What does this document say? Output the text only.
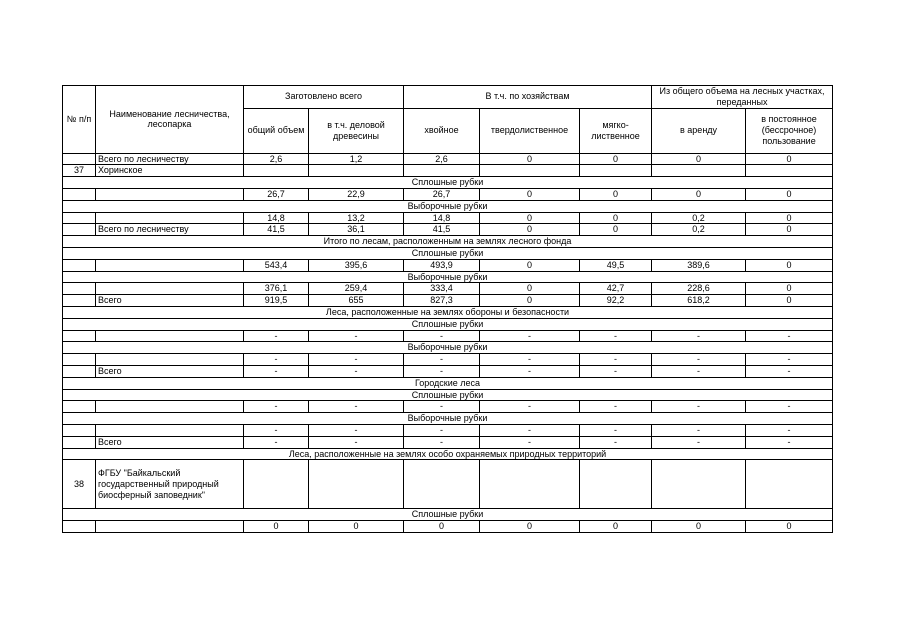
№ п/п	Наименование лесничества, лесопарка	Заготовлено всего		В т.ч. по хозяйствам			Из общего объема на лесных участках, переданных	
		общий объем	в т.ч. деловой древесины	хвойное	твердолиственное	мягко-лиственное	в аренду	в постоянное (бессрочное) пользование
	Всего по лесничеству	2,6	1,2	2,6	0	0	0	0
37	Хоринское							
Сплошные рубки								
		26,7	22,9	26,7	0	0	0	0
Выборочные рубки								
		14,8	13,2	14,8	0	0	0,2	0
	Всего по лесничеству	41,5	36,1	41,5	0	0	0,2	0
Итого по лесам, расположенным на землях лесного фонда								
Сплошные рубки								
		543,4	395,6	493,9	0	49,5	389,6	0
Выборочные рубки								
		376,1	259,4	333,4	0	42,7	228,6	0
	Всего	919,5	655	827,3	0	92,2	618,2	0
Леса, расположенные на землях обороны и безопасности								
Сплошные рубки								
		-	-	-	-	-	-	-
Выборочные рубки								
		-	-	-	-	-	-	-
	Всего	-	-	-	-	-	-	-
Городские леса								
Сплошные рубки								
		-	-	-	-	-	-	-
Выборочные рубки								
		-	-	-	-	-	-	-
	Всего	-	-	-	-	-	-	-
Леса, расположенные на землях особо охраняемых природных территорий								
38	ФГБУ "Байкальский государственный природный биосферный заповедник"							
Сплошные рубки								
		0	0	0	0	0	0	0
